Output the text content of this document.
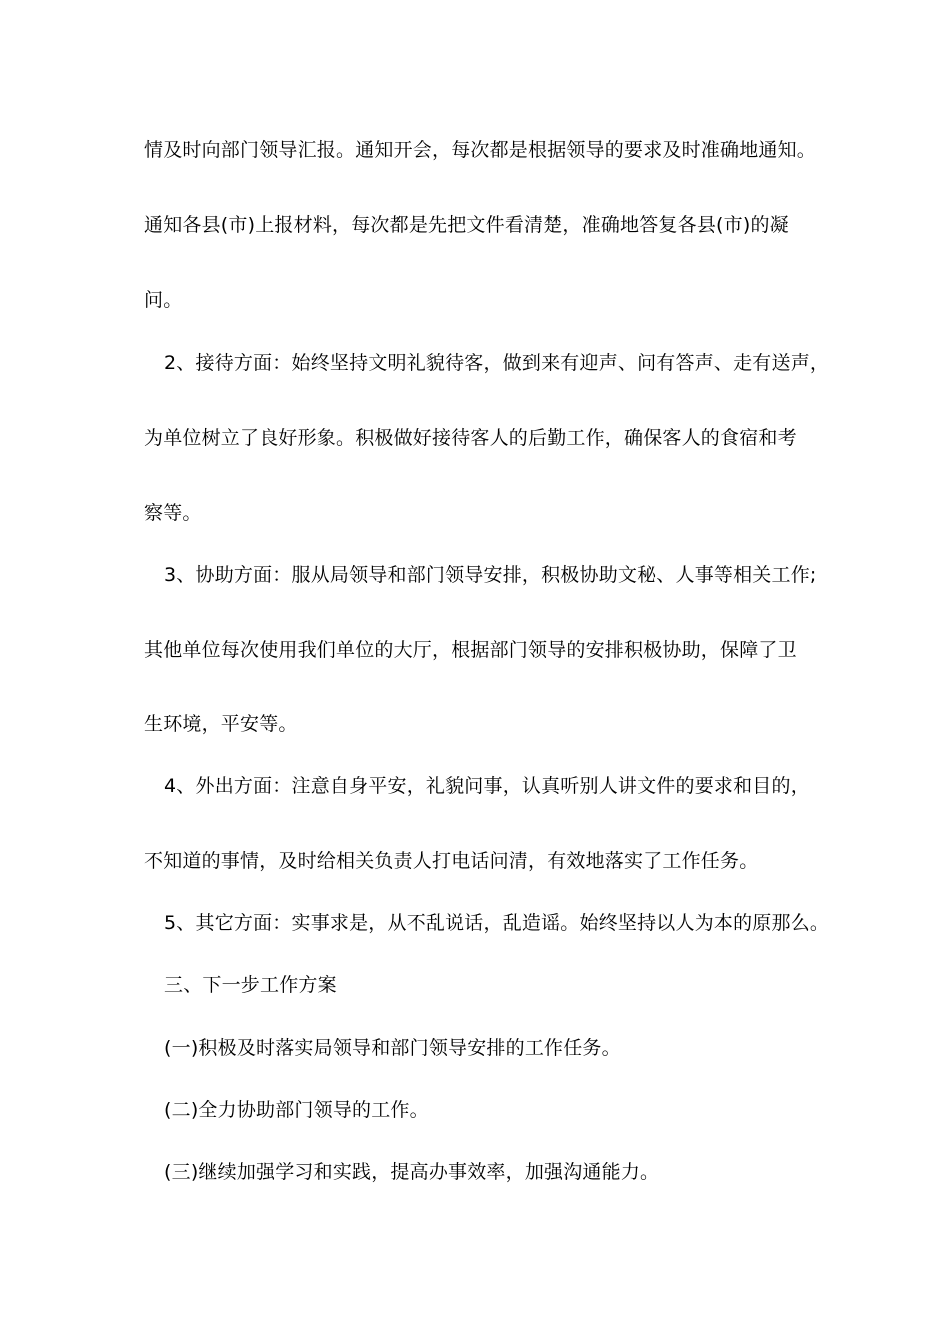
情及时向部门领导汇报。通知开会，每次都是根据领导的要求及时准确地通知。
通知各县(市)上报材料，每次都是先把文件看清楚，准确地答复各县(市)的凝
问。
2、接待方面：始终坚持文明礼貌待客，做到来有迎声、问有答声、走有送声，
为单位树立了良好形象。积极做好接待客人的后勤工作，确保客人的食宿和考
察等。
3、协助方面：服从局领导和部门领导安排，积极协助文秘、人事等相关工作;
其他单位每次使用我们单位的大厅，根据部门领导的安排积极协助，保障了卫
生环境，平安等。
4、外出方面：注意自身平安，礼貌问事，认真听别人讲文件的要求和目的，
不知道的事情，及时给相关负责人打电话问清，有效地落实了工作任务。
5、其它方面：实事求是，从不乱说话，乱造谣。始终坚持以人为本的原那么。
三、下一步工作方案
(一)积极及时落实局领导和部门领导安排的工作任务。
(二)全力协助部门领导的工作。
(三)继续加强学习和实践，提高办事效率，加强沟通能力。
